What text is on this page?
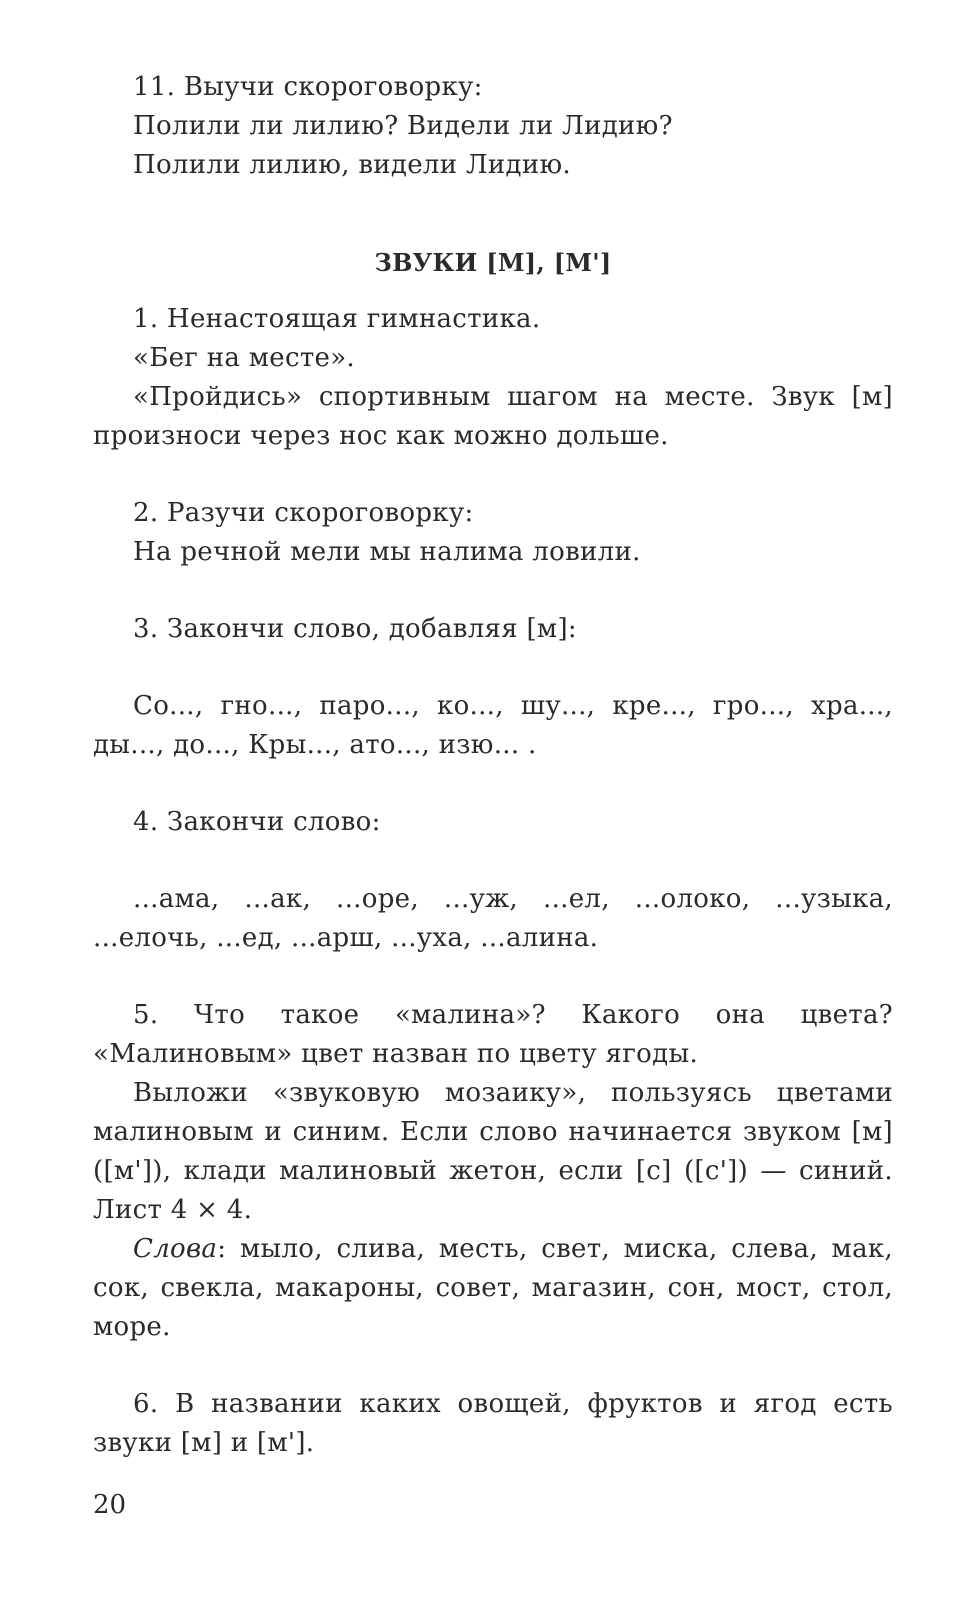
11. Выучи скороговорку:

Полили ли лилию? Видели ли Лидию?

Полили лилию, видели Лидию.

ЗВУКИ [М], [М']

1. Ненастоящая гимнастика.

«Бег на месте».

«Пройдись» спортивным шагом на месте. Звук [м] произноси через нос как можно дольше.

2. Разучи скороговорку:

На речной мели мы налима ловили.

3. Закончи слово, добавляя [м]:

Со..., гно..., паро..., ко..., шу..., кре..., гро..., хра..., ды..., до..., Кры..., ато..., изю... .

4. Закончи слово:

...ама, ...ак, ...оре, ...уж, ...ел, ...олоко, ...узыка, ...елочь, ...ед, ...арш, ...уха, ...алина.

5. Что такое «малина»? Какого она цвета? «Малиновым» цвет назван по цвету ягоды.

Выложи «звуковую мозаику», пользуясь цветами малиновым и синим. Если слово начинается звуком [м] ([м']), клади малиновый жетон, если [с] ([с']) — синий. Лист 4 × 4.

Слова: мыло, слива, месть, свет, миска, слева, мак, сок, свекла, макароны, совет, магазин, сон, мост, стол, море.

6. В названии каких овощей, фруктов и ягод есть звуки [м] и [м'].

20
